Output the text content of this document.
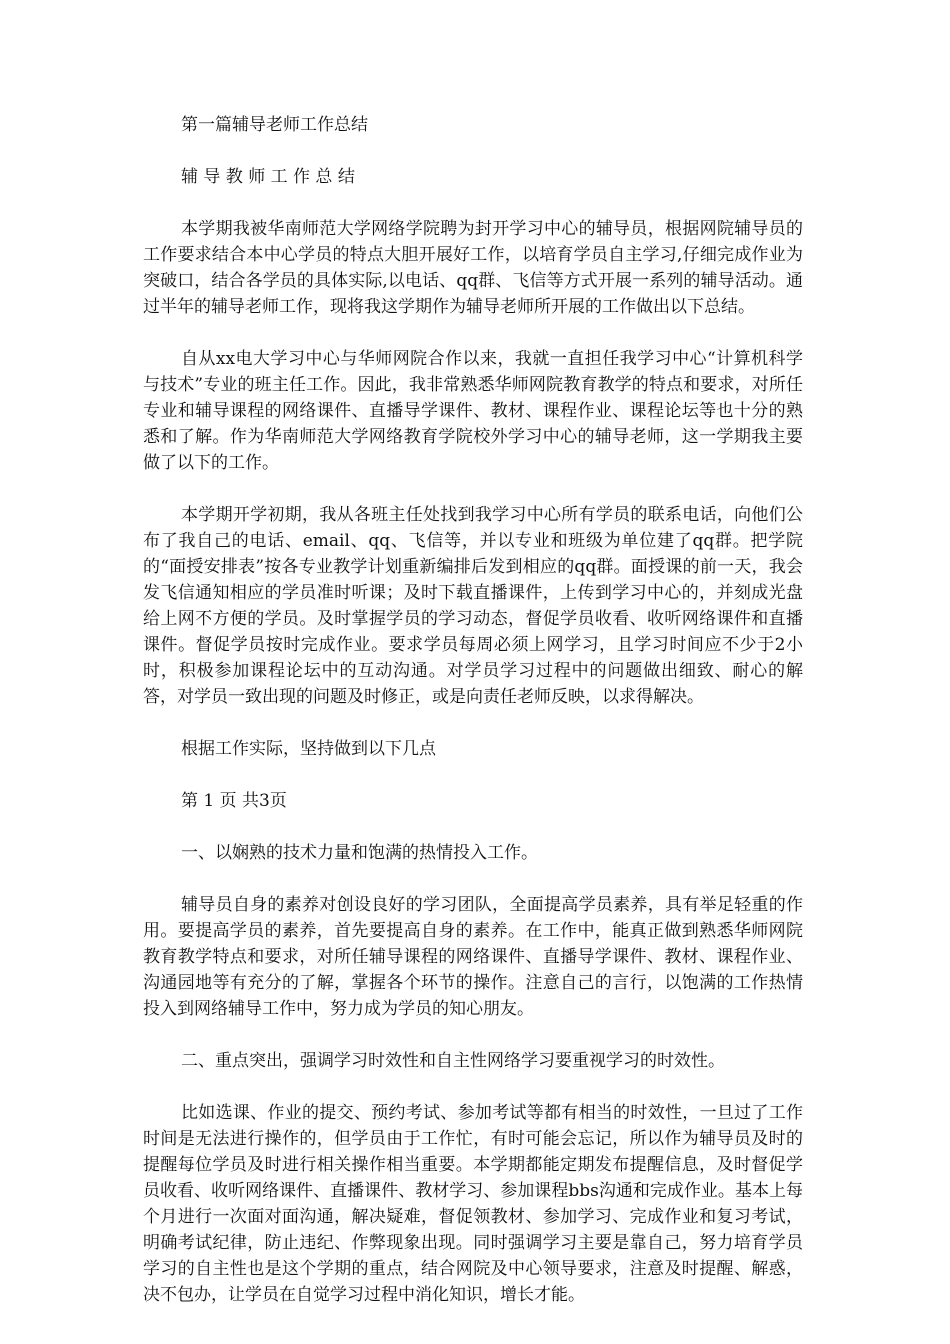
第一篇辅导老师工作总结

辅 导 教 师 工 作 总 结

本学期我被华南师范大学网络学院聘为封开学习中心的辅导员，根据网院辅导员的工作要求结合本中心学员的特点大胆开展好工作，以培育学员自主学习,仔细完成作业为突破口，结合各学员的具体实际,以电话、qq群、飞信等方式开展一系列的辅导活动。通过半年的辅导老师工作，现将我这学期作为辅导老师所开展的工作做出以下总结。

自从xx电大学习中心与华师网院合作以来，我就一直担任我学习中心“计算机科学与技术”专业的班主任工作。因此，我非常熟悉华师网院教育教学的特点和要求，对所任专业和辅导课程的网络课件、直播导学课件、教材、课程作业、课程论坛等也十分的熟悉和了解。作为华南师范大学网络教育学院校外学习中心的辅导老师，这一学期我主要做了以下的工作。

本学期开学初期，我从各班主任处找到我学习中心所有学员的联系电话，向他们公布了我自己的电话、email、qq、飞信等，并以专业和班级为单位建了qq群。把学院的“面授安排表”按各专业教学计划重新编排后发到相应的qq群。面授课的前一天，我会发飞信通知相应的学员准时听课；及时下载直播课件，上传到学习中心的，并刻成光盘给上网不方便的学员。及时掌握学员的学习动态，督促学员收看、收听网络课件和直播课件。督促学员按时完成作业。要求学员每周必须上网学习，且学习时间应不少于2小时，积极参加课程论坛中的互动沟通。对学员学习过程中的问题做出细致、耐心的解答，对学员一致出现的问题及时修正，或是向责任老师反映，以求得解决。

根据工作实际，坚持做到以下几点

第 1 页 共3页

一、以娴熟的技术力量和饱满的热情投入工作。

辅导员自身的素养对创设良好的学习团队，全面提高学员素养，具有举足轻重的作用。要提高学员的素养，首先要提高自身的素养。在工作中，能真正做到熟悉华师网院教育教学特点和要求，对所任辅导课程的网络课件、直播导学课件、教材、课程作业、沟通园地等有充分的了解，掌握各个环节的操作。注意自己的言行，以饱满的工作热情投入到网络辅导工作中，努力成为学员的知心朋友。

二、重点突出，强调学习时效性和自主性网络学习要重视学习的时效性。

比如选课、作业的提交、预约考试、参加考试等都有相当的时效性，一旦过了工作时间是无法进行操作的，但学员由于工作忙，有时可能会忘记，所以作为辅导员及时的提醒每位学员及时进行相关操作相当重要。本学期都能定期发布提醒信息，及时督促学员收看、收听网络课件、直播课件、教材学习、参加课程bbs沟通和完成作业。基本上每个月进行一次面对面沟通，解决疑难，督促领教材、参加学习、完成作业和复习考试，明确考试纪律，防止违纪、作弊现象出现。同时强调学习主要是靠自己，努力培育学员学习的自主性也是这个学期的重点，结合网院及中心领导要求，注意及时提醒、解惑，决不包办，让学员在自觉学习过程中消化知识，增长才能。
